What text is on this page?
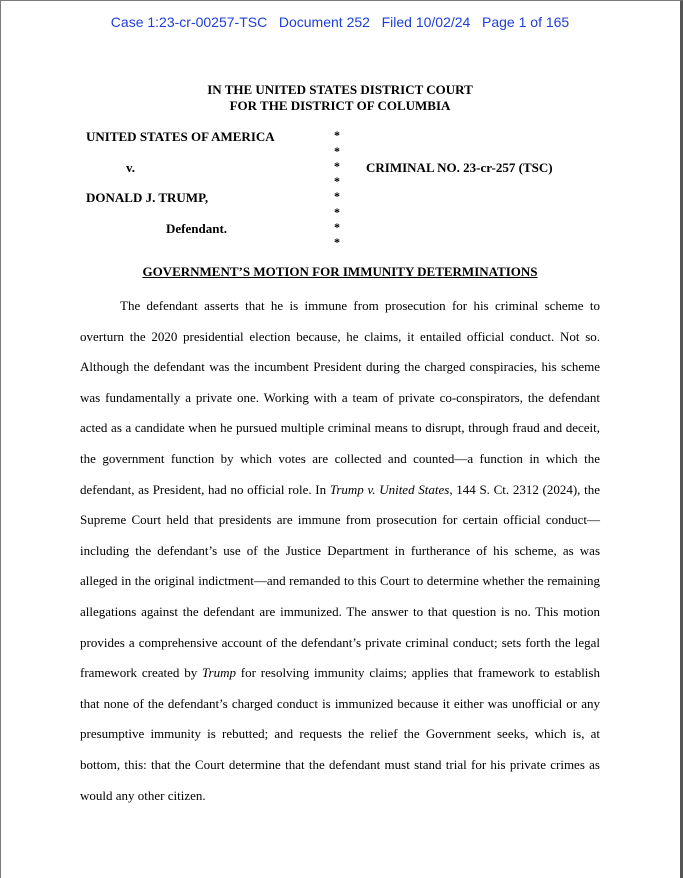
Case 1:23-cr-00257-TSC Document 252 Filed 10/02/24 Page 1 of 165
IN THE UNITED STATES DISTRICT COURT
FOR THE DISTRICT OF COLUMBIA
UNITED STATES OF AMERICA
v.
DONALD J. TRUMP,
Defendant.
CRIMINAL NO. 23-cr-257 (TSC)
*
*
*
*
*
*
*
*
GOVERNMENT’S MOTION FOR IMMUNITY DETERMINATIONS
The defendant asserts that he is immune from prosecution for his criminal scheme to overturn the 2020 presidential election because, he claims, it entailed official conduct. Not so. Although the defendant was the incumbent President during the charged conspiracies, his scheme was fundamentally a private one. Working with a team of private co-conspirators, the defendant acted as a candidate when he pursued multiple criminal means to disrupt, through fraud and deceit, the government function by which votes are collected and counted—a function in which the defendant, as President, had no official role. In Trump v. United States, 144 S. Ct. 2312 (2024), the Supreme Court held that presidents are immune from prosecution for certain official conduct—including the defendant’s use of the Justice Department in furtherance of his scheme, as was alleged in the original indictment—and remanded to this Court to determine whether the remaining allegations against the defendant are immunized. The answer to that question is no. This motion provides a comprehensive account of the defendant’s private criminal conduct; sets forth the legal framework created by Trump for resolving immunity claims; applies that framework to establish that none of the defendant’s charged conduct is immunized because it either was unofficial or any presumptive immunity is rebutted; and requests the relief the Government seeks, which is, at bottom, this: that the Court determine that the defendant must stand trial for his private crimes as would any other citizen.
